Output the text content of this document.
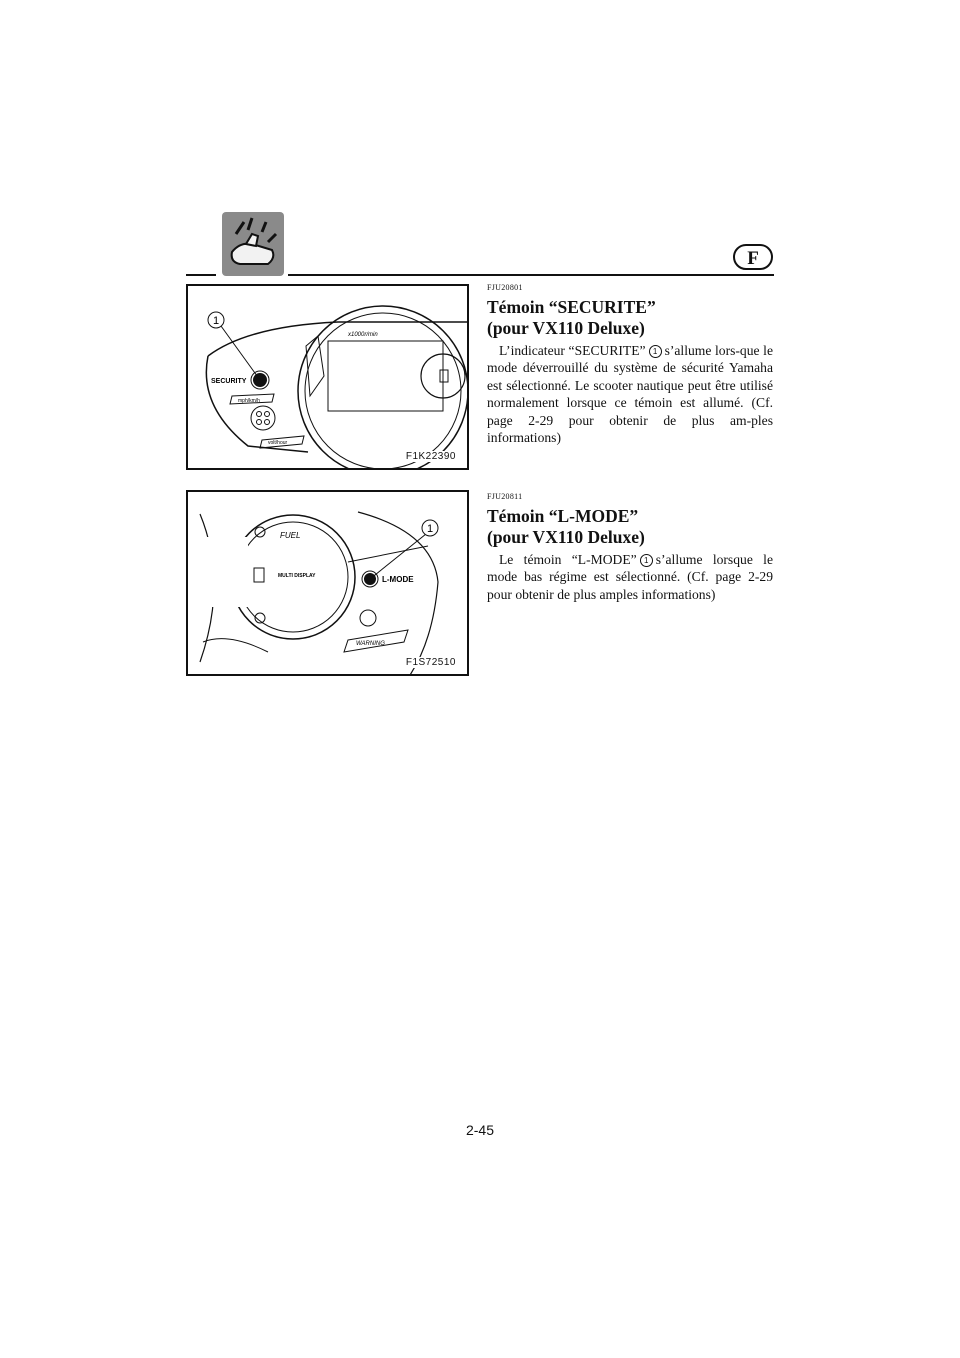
F
1
SECURITY
mph/km/h
volt/hour
x1000r/min
F1K22390
FJU20801
Témoin “SECURITE”
(pour VX110 Deluxe)
L’indicateur “SECURITE” 1 s’allume lors-que le mode déverrouillé du système de sécurité Yamaha est sélectionné. Le scooter nautique peut être utilisé normalement lorsque ce témoin est allumé. (Cf. page 2-29 pour obtenir de plus am-ples informations)
FUEL
MULTI DISPLAY
1
L-MODE
WARNING
F1S72510
FJU20811
Témoin “L-MODE”
(pour VX110 Deluxe)
Le témoin “L-MODE” 1 s’allume lorsque le mode bas régime est sélectionné. (Cf. page 2-29 pour obtenir de plus amples informations)
2-45
